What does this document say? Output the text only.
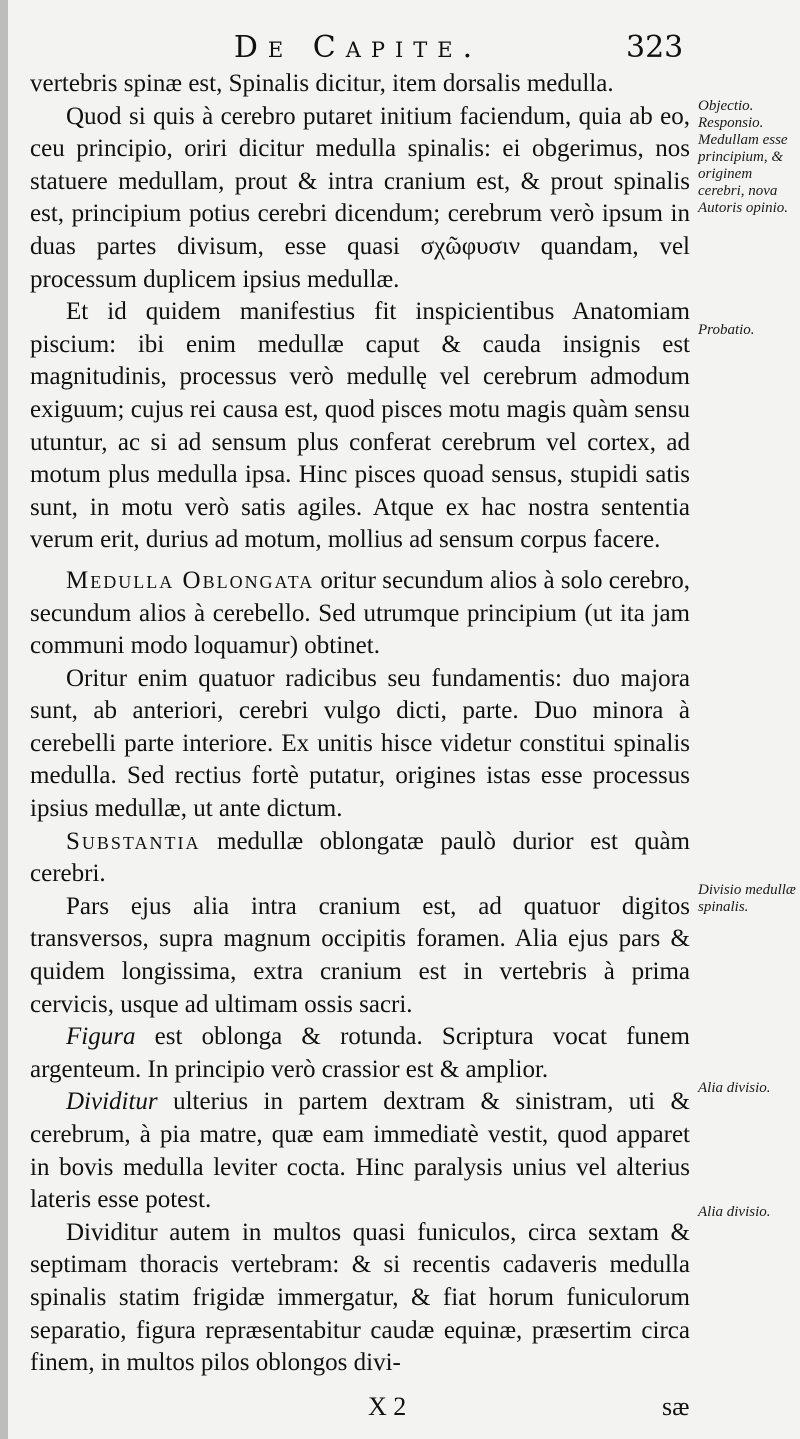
De Capite.	323

vertebris spinæ est, Spinalis dicitur, item dorsalis medulla.

Quod si quis à cerebro putaret initium faciendum, quia ab eo, ceu principio, oriri dicitur medulla spinalis: ei obgerimus, nos statuere medullam, prout & intra cranium est, & prout spinalis est, principium potius cerebri dicendum; cerebrum verò ipsum in duas partes divisum, esse quasi σχῶφυσιν quandam, vel processum duplicem ipsius medullæ.

Et id quidem manifestius fit inspicientibus Anatomiam piscium: ibi enim medullæ caput & cauda insignis est magnitudinis, processus verò medullę vel cerebrum admodum exiguum; cujus rei causa est, quod pisces motu magis quàm sensu utuntur, ac si ad sensum plus conferat cerebrum vel cortex, ad motum plus medulla ipsa. Hinc pisces quoad sensus, stupidi satis sunt, in motu verò satis agiles. Atque ex hac nostra sententia verum erit, durius ad motum, mollius ad sensum corpus facere.

Medulla Oblongata oritur secundum alios à solo cerebro, secundum alios à cerebello. Sed utrumque principium (ut ita jam communi modo loquamur) obtinet.

Oritur enim quatuor radicibus seu fundamentis: duo majora sunt, ab anteriori, cerebri vulgo dicti, parte. Duo minora à cerebelli parte interiore. Ex unitis hisce videtur constitui spinalis medulla. Sed rectius fortè putatur, origines istas esse processus ipsius medullæ, ut ante dictum.

Substantia medullæ oblongatæ paulò durior est quàm cerebri.

Pars ejus alia intra cranium est, ad quatuor digitos transversos, supra magnum occipitis foramen. Alia ejus pars & quidem longissima, extra cranium est in vertebris à prima cervicis, usque ad ultimam ossis sacri.

Figura est oblonga & rotunda. Scriptura vocat funem argenteum. In principio verò crassior est & amplior.

Dividitur ulterius in partem dextram & sinistram, uti & cerebrum, à pia matre, quæ eam immediatè vestit, quod apparet in bovis medulla leviter cocta. Hinc paralysis unius vel alterius lateris esse potest.

Dividitur autem in multos quasi funiculos, circa sextam & septimam thoracis vertebram: & si recentis cadaveris medulla spinalis statim frigidæ immergatur, & fiat horum funiculorum separatio, figura repræsentabitur caudæ equinæ, præsertim circa finem, in multos pilos oblongos divi-

Objectio. Responsio. Medullam esse principium, & originem cerebri, nova Autoris opinio.
Probatio.
Divisio medullæ spinalis.
Alia divisio.
Alia divisio.
X 2	sæ
